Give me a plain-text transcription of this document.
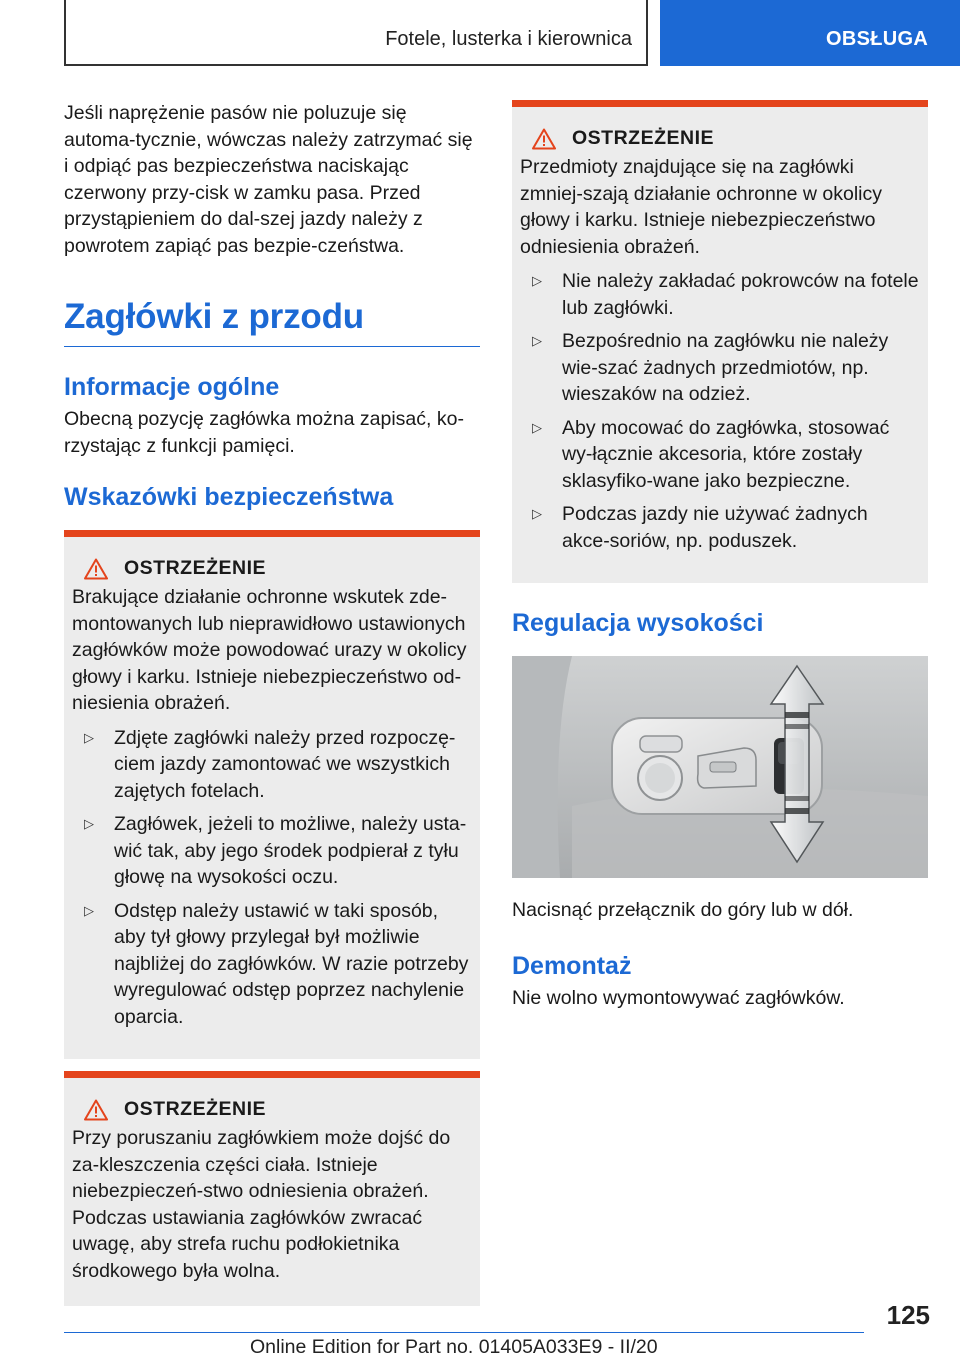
Fotele, lusterka i kierownica	OBSŁUGA

Jeśli naprężenie pasów nie poluzuje się automa-tycznie, wówczas należy zatrzymać się i odpiąć pas bezpieczeństwa naciskając czerwony przy-cisk w zamku pasa. Przed przystąpieniem do dal-szej jazdy należy z powrotem zapiąć pas bezpie-czeństwa.

Zagłówki z przodu
Informacje ogólne

Obecną pozycję zagłówka można zapisać, ko-rzystając z funkcji pamięci.

Wskazówki bezpieczeństwa
OSTRZEŻENIE

Brakujące działanie ochronne wskutek zde-montowanych lub nieprawidłowo ustawionych zagłówków może powodować urazy w okolicy głowy i karku. Istnieje niebezpieczeństwo od-niesienia obrażeń.

▷	Zdjęte zagłówki należy przed rozpoczę-ciem jazdy zamontować we wszystkich zajętych fotelach.
▷	Zagłówek, jeżeli to możliwe, należy usta-wić tak, aby jego środek podpierał z tyłu głowę na wysokości oczu.
▷	Odstęp należy ustawić w taki sposób, aby tył głowy przylegał był możliwie najbliżej do zagłówków. W razie potrzeby wyregulować odstęp poprzez nachylenie oparcia.
OSTRZEŻENIE

Przy poruszaniu zagłówkiem może dojść do za-kleszczenia części ciała. Istnieje niebezpieczeń-stwo odniesienia obrażeń. Podczas ustawiania zagłówków zwracać uwagę, aby strefa ruchu podłokietnika środkowego była wolna.

OSTRZEŻENIE

Przedmioty znajdujące się na zagłówki zmniej-szają działanie ochronne w okolicy głowy i karku. Istnieje niebezpieczeństwo odniesienia obrażeń.

▷	Nie należy zakładać pokrowców na fotele lub zagłówki.
▷	Bezpośrednio na zagłówku nie należy wie-szać żadnych przedmiotów, np. wieszaków na odzież.
▷	Aby mocować do zagłówka, stosować wy-łącznie akcesoria, które zostały sklasyfiko-wane jako bezpieczne.
▷	Podczas jazdy nie używać żadnych akce-soriów, np. poduszek.
Regulacja wysokości

Nacisnąć przełącznik do góry lub w dół.

Demontaż

Nie wolno wymontowywać zagłówków.

125
Online Edition for Part no. 01405A033E9 - II/20
